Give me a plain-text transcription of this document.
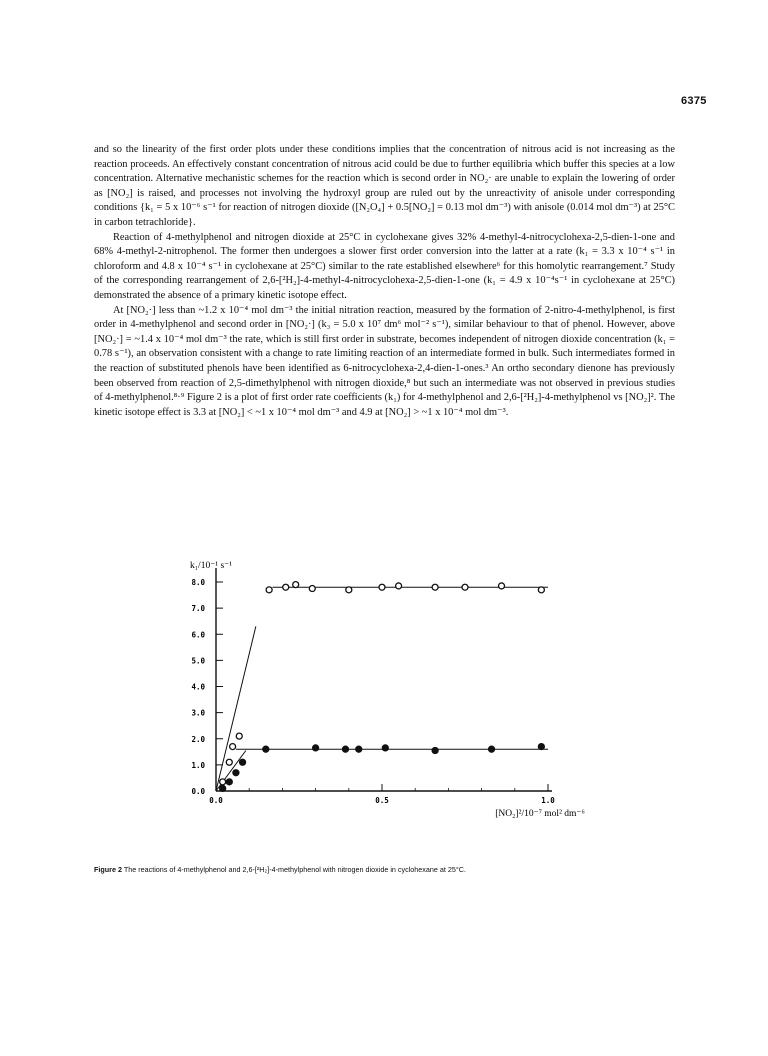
6375

and so the linearity of the first order plots under these conditions implies that the concentration of nitrous acid is not increasing as the reaction proceeds. An effectively constant concentration of nitrous acid could be due to further equilibria which buffer this species at a low concentration. Alternative mechanistic schemes for the reaction which is second order in NO₂· are unable to explain the lowering of order as [NO₂] is raised, and processes not involving the hydroxyl group are ruled out by the unreactivity of anisole under corresponding conditions {k₁ = 5 x 10⁻⁶ s⁻¹ for reaction of nitrogen dioxide ([N₂O₄] + 0.5[NO₂] = 0.13 mol dm⁻³) with anisole (0.014 mol dm⁻³) at 25°C in carbon tetrachloride}.

Reaction of 4-methylphenol and nitrogen dioxide at 25°C in cyclohexane gives 32% 4-methyl-4-nitrocyclohexa-2,5-dien-1-one and 68% 4-methyl-2-nitrophenol. The former then undergoes a slower first order conversion into the latter at a rate (k₁ = 3.3 x 10⁻⁴ s⁻¹ in chloroform and 4.8 x 10⁻⁴ s⁻¹ in cyclohexane at 25°C) similar to the rate established elsewhere⁶ for this homolytic rearrangement.⁷ Study of the corresponding rearrangement of 2,6-[²H₂]-4-methyl-4-nitrocyclohexa-2,5-dien-1-one (k₁ = 4.9 x 10⁻⁴s⁻¹ in cyclohexane at 25°C) demonstrated the absence of a primary kinetic isotope effect.

At [NO₂·] less than ~1.2 x 10⁻⁴ mol dm⁻³ the initial nitration reaction, measured by the formation of 2-nitro-4-methylphenol, is first order in 4-methylphenol and second order in [NO₂·] (k₃ = 5.0 x 10⁷ dm⁶ mol⁻² s⁻¹), similar behaviour to that of phenol. However, above [NO₂·] = ~1.4 x 10⁻⁴ mol dm⁻³ the rate, which is still first order in substrate, becomes independent of nitrogen dioxide concentration (k₁ = 0.78 s⁻¹), an observation consistent with a change to rate limiting reaction of an intermediate formed in bulk. Such intermediates formed in the reaction of substituted phenols have been identified as 6-nitrocyclohexa-2,4-dien-1-ones.³ An ortho secondary dienone has previously been observed from reaction of 2,5-dimethylphenol with nitrogen dioxide,⁸ but such an intermediate was not observed in previous studies of 4-methylphenol.⁸·⁹ Figure 2 is a plot of first order rate coefficients (k₁) for 4-methylphenol and 2,6-[²H₂]-4-methylphenol vs [NO₂]². The kinetic isotope effect is 3.3 at [NO₂] < ~1 x 10⁻⁴ mol dm⁻³ and 4.9 at [NO₂] > ~1 x 10⁻⁴ mol dm⁻³.

0.0
1.0
2.0
3.0
4.0
5.0
6.0
7.0
8.0
0.0	0.5	1.0
k₁/10⁻¹ s⁻¹
[NO₂]²/10⁻⁷ mol² dm⁻⁶
Figure 2 The reactions of 4-methylphenol and 2,6-[²H₂]-4-methylphenol with nitrogen dioxide in cyclohexane at 25°C.
